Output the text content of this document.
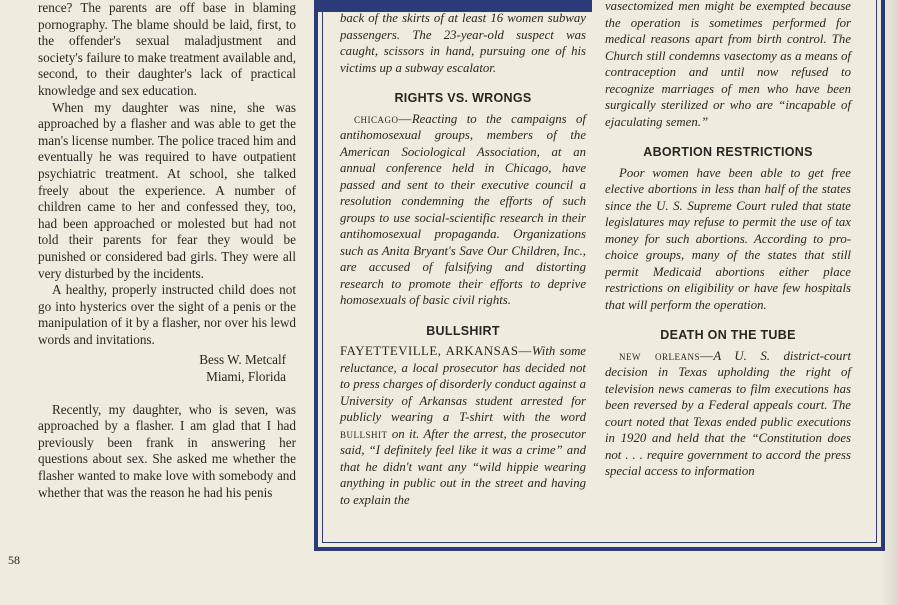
rence? The parents are off base in blaming pornography. The blame should be laid, first, to the offender's sexual maladjustment and society's failure to make treatment available and, second, to their daughter's lack of practical knowledge and sex education.

When my daughter was nine, she was approached by a flasher and was able to get the man's license number. The police traced him and eventually he was required to have outpatient psychiatric treatment. At school, she talked freely about the experience. A number of children came to her and confessed they, too, had been approached or molested but had not told their parents for fear they would be punished or considered bad girls. They were all very disturbed by the incidents.

A healthy, properly instructed child does not go into hysterics over the sight of a penis or the manipulation of it by a flasher, nor over his lewd words and invitations.

Bess W. Metcalf

Miami, Florida

Recently, my daughter, who is seven, was approached by a flasher. I am glad that I had previously been frank in answering her questions about sex. She asked me whether the flasher wanted to make love with somebody and whether that was the reason he had his penis

back of the skirts of at least 16 women subway passengers. The 23-year-old suspect was caught, scissors in hand, pursuing one of his victims up a subway escalator.

RIGHTS VS. WRONGS

chicago—Reacting to the campaigns of antihomosexual groups, members of the American Sociological Association, at an annual conference held in Chicago, have passed and sent to their executive council a resolution condemning the efforts of such groups to use social-scientific research in their antihomosexual propaganda. Organizations such as Anita Bryant's Save Our Children, Inc., are accused of falsifying and distorting research to promote their efforts to deprive homosexuals of basic civil rights.

BULLSHIRT

FAYETTEVILLE, ARKANSAS—With some reluctance, a local prosecutor has decided not to press charges of disorderly conduct against a University of Arkansas student arrested for publicly wearing a T-shirt with the word bullshit on it. After the arrest, the prosecutor said, “I definitely feel like it was a crime” and that he didn't want any “wild hippie wearing anything in public out in the street and having to explain the

vasectomized men might be exempted because the operation is sometimes performed for medical reasons apart from birth control. The Church still condemns vasectomy as a means of contraception and until now refused to recognize marriages of men who have been surgically sterilized or who are “incapable of ejaculating semen.”

ABORTION RESTRICTIONS

Poor women have been able to get free elective abortions in less than half of the states since the U. S. Supreme Court ruled that state legislatures may refuse to permit the use of tax money for such abortions. According to pro-choice groups, many of the states that still permit Medicaid abortions either place restrictions on eligibility or have few hospitals that will perform the operation.

DEATH ON THE TUBE

new orleans—A U. S. district-court decision in Texas upholding the right of television news cameras to film executions has been reversed by a Federal appeals court. The court noted that Texas ended public executions in 1920 and held that the “Constitution does not . . . require government to accord the press special access to information

58
